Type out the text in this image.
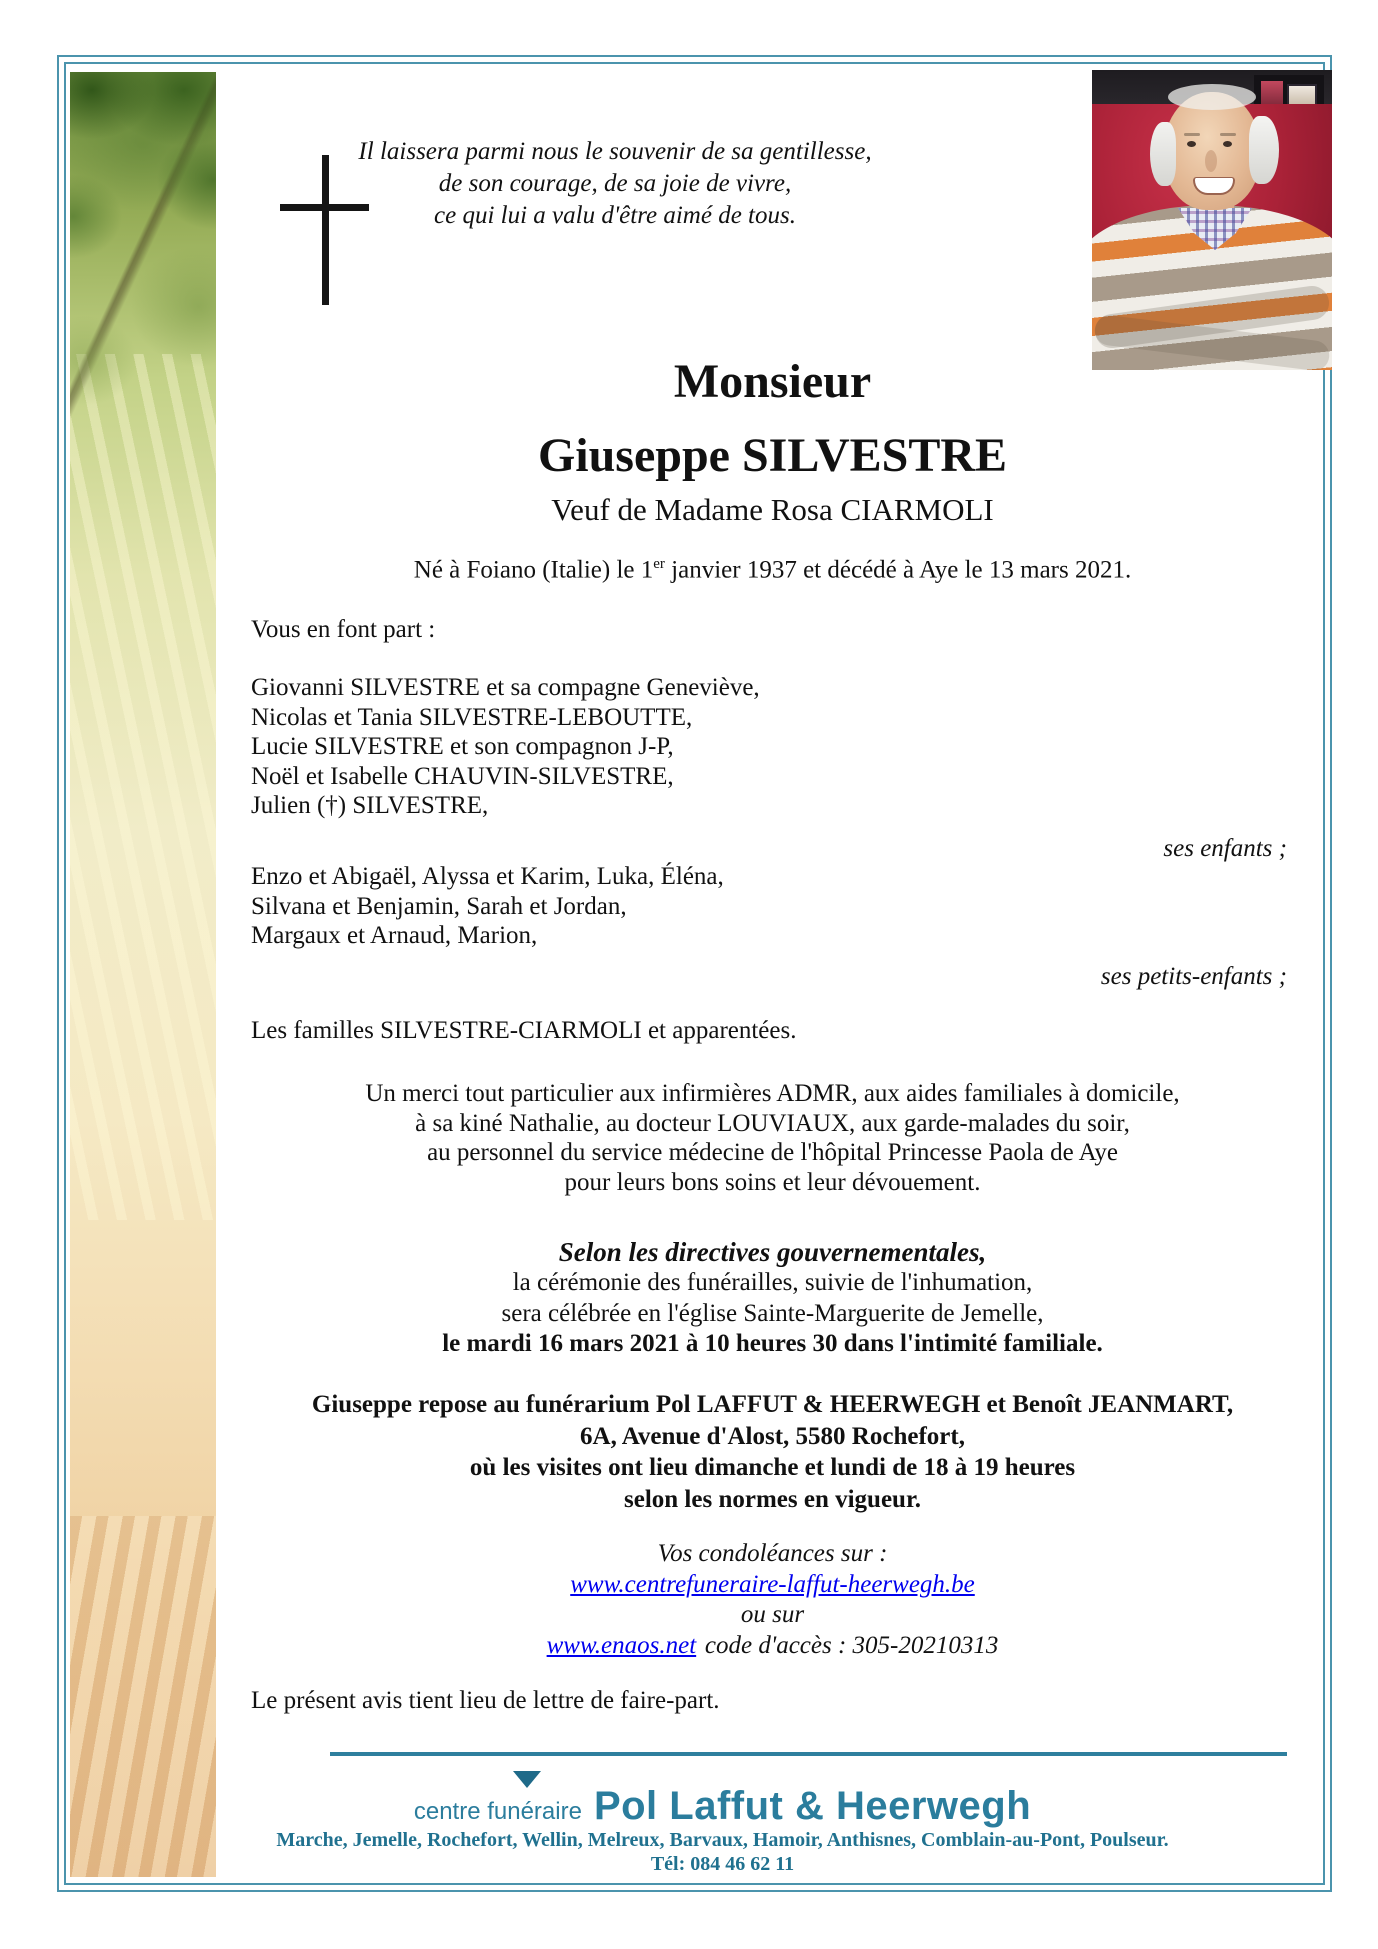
Il laissera parmi nous le souvenir de sa gentillesse,
de son courage, de sa joie de vivre,
ce qui lui a valu d'être aimé de tous.
Monsieur
Giuseppe SILVESTRE
Veuf de Madame Rosa CIARMOLI
Né à Foiano (Italie) le 1er janvier 1937 et décédé à Aye le 13 mars 2021.
Vous en font part :
Giovanni SILVESTRE et sa compagne Geneviève,
Nicolas et Tania SILVESTRE-LEBOUTTE,
Lucie SILVESTRE et son compagnon J-P,
Noël et Isabelle CHAUVIN-SILVESTRE,
Julien (†) SILVESTRE,
ses enfants ;
Enzo et Abigaël, Alyssa et Karim, Luka, Éléna,
Silvana et Benjamin, Sarah et Jordan,
Margaux et Arnaud, Marion,
ses petits-enfants ;
Les familles SILVESTRE-CIARMOLI et apparentées.
Un merci tout particulier aux infirmières ADMR, aux aides familiales à domicile,
à sa kiné Nathalie, au docteur LOUVIAUX, aux garde-malades du soir,
au personnel du service médecine de l'hôpital Princesse Paola de Aye
pour leurs bons soins et leur dévouement.
Selon les directives gouvernementales,
la cérémonie des funérailles, suivie de l'inhumation,
sera célébrée en l'église Sainte-Marguerite de Jemelle,
le mardi 16 mars 2021 à 10 heures 30 dans l'intimité familiale.
Giuseppe repose au funérarium Pol LAFFUT & HEERWEGH et Benoît JEANMART,
6A, Avenue d'Alost, 5580 Rochefort,
où les visites ont lieu dimanche et lundi de 18 à 19 heures
selon les normes en vigueur.
Vos condoléances sur :
www.centrefuneraire-laffut-heerwegh.be
ou sur
www.enaos.net code d'accès : 305-20210313
Le présent avis tient lieu de lettre de faire-part.
centre funéraire Pol Laffut & Heerwegh
Marche, Jemelle, Rochefort, Wellin, Melreux, Barvaux, Hamoir, Anthisnes, Comblain-au-Pont, Poulseur.
Tél: 084 46 62 11
